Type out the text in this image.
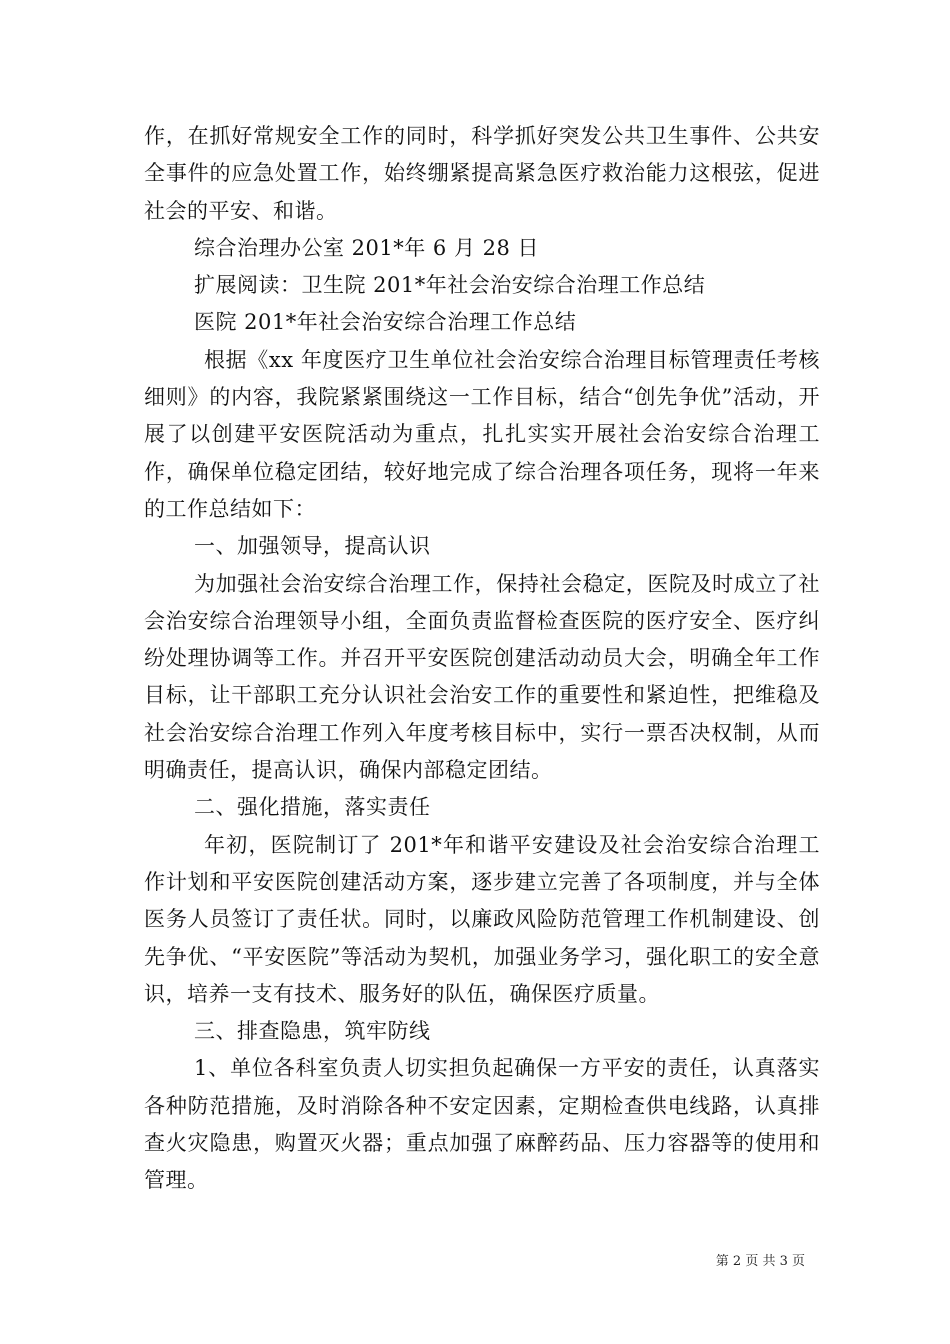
作，在抓好常规安全工作的同时，科学抓好突发公共卫生事件、公共安全事件的应急处置工作，始终绷紧提高紧急医疗救治能力这根弦，促进社会的平安、和谐。

综合治理办公室 201*年 6 月 28 日

扩展阅读：卫生院 201*年社会治安综合治理工作总结

医院 201*年社会治安综合治理工作总结

根据《xx 年度医疗卫生单位社会治安综合治理目标管理责任考核细则》的内容，我院紧紧围绕这一工作目标，结合“创先争优”活动，开展了以创建平安医院活动为重点，扎扎实实开展社会治安综合治理工作，确保单位稳定团结，较好地完成了综合治理各项任务，现将一年来的工作总结如下：

一、加强领导，提高认识

为加强社会治安综合治理工作，保持社会稳定，医院及时成立了社会治安综合治理领导小组，全面负责监督检查医院的医疗安全、医疗纠纷处理协调等工作。并召开平安医院创建活动动员大会，明确全年工作目标，让干部职工充分认识社会治安工作的重要性和紧迫性，把维稳及社会治安综合治理工作列入年度考核目标中，实行一票否决权制，从而明确责任，提高认识，确保内部稳定团结。

二、强化措施，落实责任

年初，医院制订了 201*年和谐平安建设及社会治安综合治理工作计划和平安医院创建活动方案，逐步建立完善了各项制度，并与全体医务人员签订了责任状。同时，以廉政风险防范管理工作机制建设、创先争优、“平安医院”等活动为契机，加强业务学习，强化职工的安全意识，培养一支有技术、服务好的队伍，确保医疗质量。

三、排查隐患，筑牢防线

1、单位各科室负责人切实担负起确保一方平安的责任，认真落实各种防范措施，及时消除各种不安定因素，定期检查供电线路，认真排查火灾隐患，购置灭火器；重点加强了麻醉药品、压力容器等的使用和管理。

第 2 页 共 3 页
